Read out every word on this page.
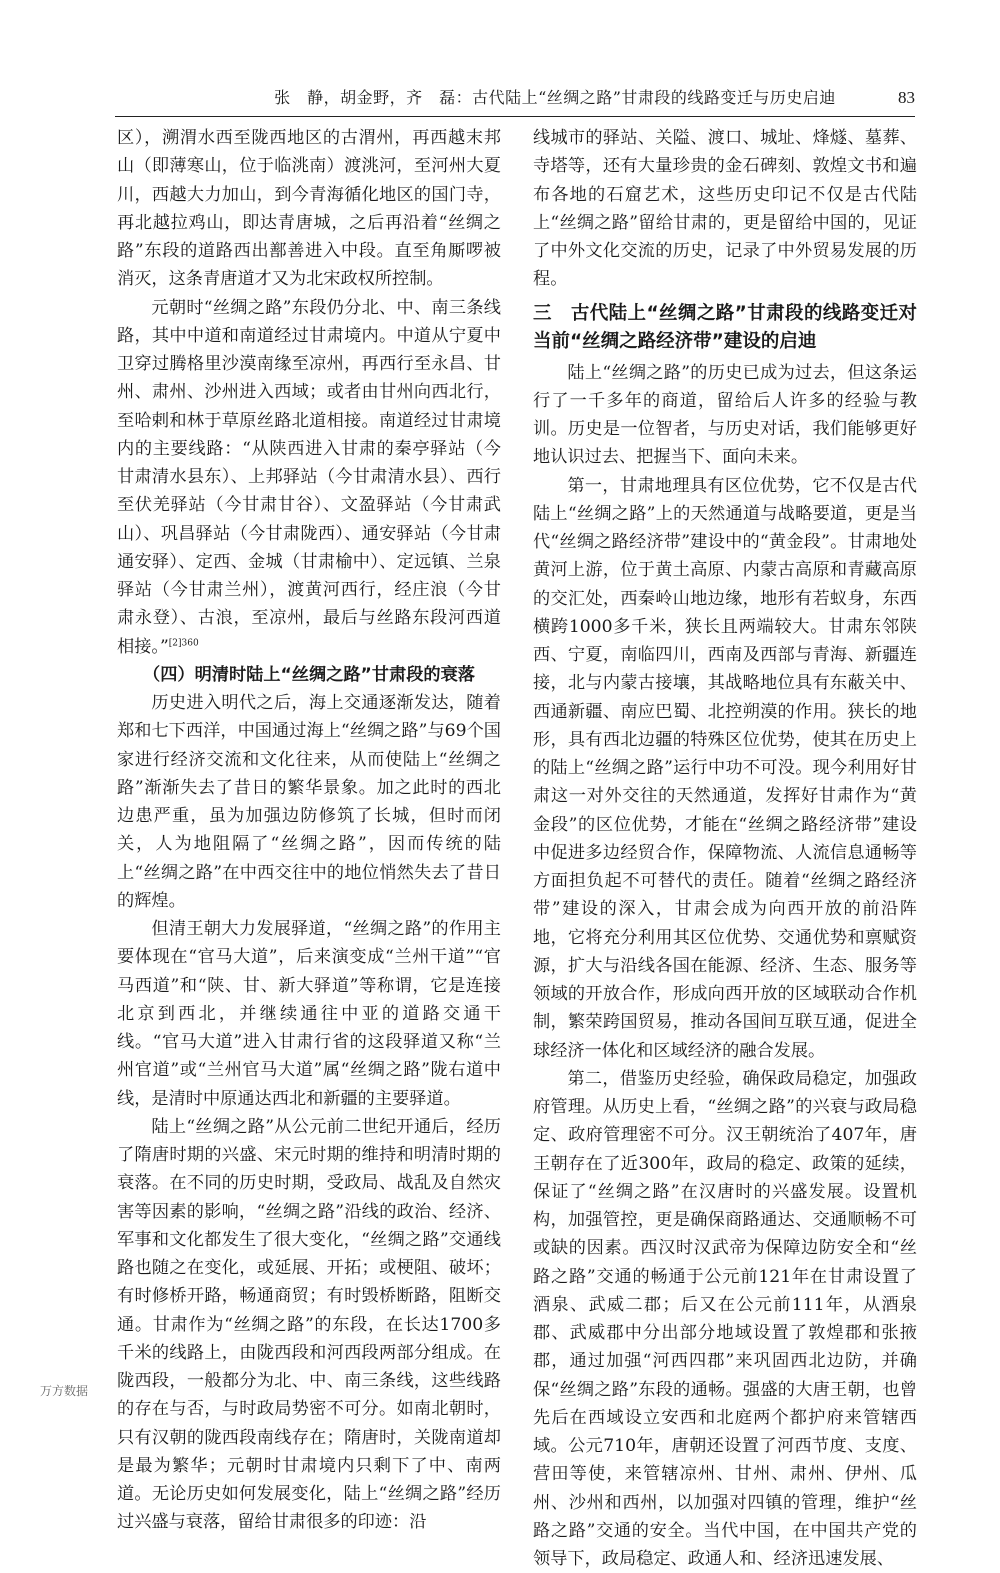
张　静，胡金野，齐　磊：古代陆上“丝绸之路”甘肃段的线路变迁与历史启迪	83

区），溯渭水西至陇西地区的古渭州，再西越末邦山（即薄寒山，位于临洮南）渡洮河，至河州大夏川，西越大力加山，到今青海循化地区的国门寺，再北越拉鸡山，即达青唐城，之后再沿着“丝绸之路”东段的道路西出鄯善进入中段。直至角厮啰被消灭，这条青唐道才又为北宋政权所控制。

元朝时“丝绸之路”东段仍分北、中、南三条线路，其中中道和南道经过甘肃境内。中道从宁夏中卫穿过腾格里沙漠南缘至凉州，再西行至永昌、甘州、肃州、沙州进入西域；或者由甘州向西北行，至哈剌和林于草原丝路北道相接。南道经过甘肃境内的主要线路：“从陕西进入甘肃的秦亭驿站（今甘肃清水县东）、上邦驿站（今甘肃清水县）、西行至伏羌驿站（今甘肃甘谷）、文盈驿站（今甘肃武山）、巩昌驿站（今甘肃陇西）、通安驿站（今甘肃通安驿）、定西、金城（甘肃榆中）、定远镇、兰泉驿站（今甘肃兰州），渡黄河西行，经庄浪（今甘肃永登）、古浪，至凉州，最后与丝路东段河西道相接。”$^{[2]360}$

（四）明清时陆上“丝绸之路”甘肃段的衰落

历史进入明代之后，海上交通逐渐发达，随着郑和七下西洋，中国通过海上“丝绸之路”与69个国家进行经济交流和文化往来，从而使陆上“丝绸之路”渐渐失去了昔日的繁华景象。加之此时的西北边患严重，虽为加强边防修筑了长城，但时而闭关，人为地阻隔了“丝绸之路”，因而传统的陆上“丝绸之路”在中西交往中的地位悄然失去了昔日的辉煌。

但清王朝大力发展驿道，“丝绸之路”的作用主要体现在“官马大道”，后来演变成“兰州干道”“官马西道”和“陕、甘、新大驿道”等称谓，它是连接北京到西北，并继续通往中亚的道路交通干线。“官马大道”进入甘肃行省的这段驿道又称“兰州官道”或“兰州官马大道”属“丝绸之路”陇右道中线，是清时中原通达西北和新疆的主要驿道。

陆上“丝绸之路”从公元前二世纪开通后，经历了隋唐时期的兴盛、宋元时期的维持和明清时期的衰落。在不同的历史时期，受政局、战乱及自然灾害等因素的影响，“丝绸之路”沿线的政治、经济、军事和文化都发生了很大变化，“丝绸之路”交通线路也随之在变化，或延展、开拓；或梗阻、破坏；有时修桥开路，畅通商贸；有时毁桥断路，阻断交通。甘肃作为“丝绸之路”的东段，在长达1700多千米的线路上，由陇西段和河西段两部分组成。在陇西段，一般都分为北、中、南三条线，这些线路的存在与否，与时政局势密不可分。如南北朝时，只有汉朝的陇西段南线存在；隋唐时，关陇南道却是最为繁华；元朝时甘肃境内只剩下了中、南两道。无论历史如何发展变化，陆上“丝绸之路”经历过兴盛与衰落，留给甘肃很多的印迹：沿

线城市的驿站、关隘、渡口、城址、烽燧、墓葬、寺塔等，还有大量珍贵的金石碑刻、敦煌文书和遍布各地的石窟艺术，这些历史印记不仅是古代陆上“丝绸之路”留给甘肃的，更是留给中国的，见证了中外文化交流的历史，记录了中外贸易发展的历程。

三　古代陆上“丝绸之路”甘肃段的线路变迁对当前“丝绸之路经济带”建设的启迪

陆上“丝绸之路”的历史已成为过去，但这条运行了一千多年的商道，留给后人许多的经验与教训。历史是一位智者，与历史对话，我们能够更好地认识过去、把握当下、面向未来。

第一，甘肃地理具有区位优势，它不仅是古代陆上“丝绸之路”上的天然通道与战略要道，更是当代“丝绸之路经济带”建设中的“黄金段”。甘肃地处黄河上游，位于黄土高原、内蒙古高原和青藏高原的交汇处，西秦岭山地边缘，地形有若蚁身，东西横跨1000多千米，狭长且两端较大。甘肃东邻陕西、宁夏，南临四川，西南及西部与青海、新疆连接，北与内蒙古接壤，其战略地位具有东蔽关中、西通新疆、南应巴蜀、北控朔漠的作用。狭长的地形，具有西北边疆的特殊区位优势，使其在历史上的陆上“丝绸之路”运行中功不可没。现今利用好甘肃这一对外交往的天然通道，发挥好甘肃作为“黄金段”的区位优势，才能在“丝绸之路经济带”建设中促进多边经贸合作，保障物流、人流信息通畅等方面担负起不可替代的责任。随着“丝绸之路经济带”建设的深入，甘肃会成为向西开放的前沿阵地，它将充分利用其区位优势、交通优势和禀赋资源，扩大与沿线各国在能源、经济、生态、服务等领域的开放合作，形成向西开放的区域联动合作机制，繁荣跨国贸易，推动各国间互联互通，促进全球经济一体化和区域经济的融合发展。

第二，借鉴历史经验，确保政局稳定，加强政府管理。从历史上看，“丝绸之路”的兴衰与政局稳定、政府管理密不可分。汉王朝统治了407年，唐王朝存在了近300年，政局的稳定、政策的延续，保证了“丝绸之路”在汉唐时的兴盛发展。设置机构，加强管控，更是确保商路通达、交通顺畅不可或缺的因素。西汉时汉武帝为保障边防安全和“丝路之路”交通的畅通于公元前121年在甘肃设置了酒泉、武威二郡；后又在公元前111年，从酒泉郡、武威郡中分出部分地域设置了敦煌郡和张掖郡，通过加强“河西四郡”来巩固西北边防，并确保“丝绸之路”东段的通畅。强盛的大唐王朝，也曾先后在西域设立安西和北庭两个都护府来管辖西域。公元710年，唐朝还设置了河西节度、支度、营田等使，来管辖凉州、甘州、肃州、伊州、瓜州、沙州和西州，以加强对四镇的管理，维护“丝路之路”交通的安全。当代中国，在中国共产党的领导下，政局稳定、政通人和、经济迅速发展、

万方数据
